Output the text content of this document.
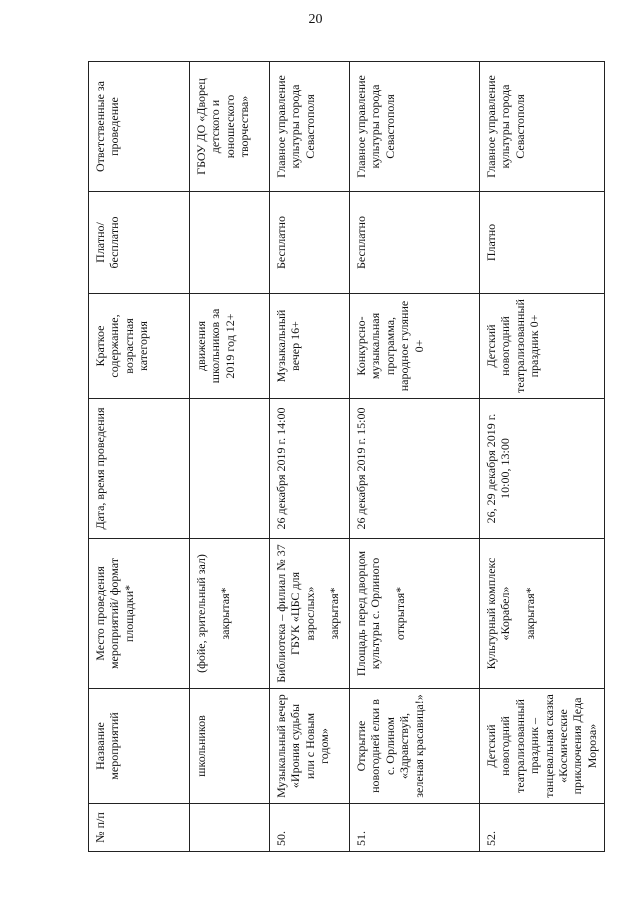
20
№ п/п	Название мероприятий	Место проведения мероприятий/ формат площадки*	Дата, время проведения	Краткое содержание, возрастная категория	Платно/ бесплатно	Ответственные за проведение
	школьников	(фойе, зрительный зал) закрытая*		движения школьников за 2019 год 12+		ГБОУ ДО «Дворец детского и юношеского творчества»
50.	Музыкальный вечер «Ирония судьбы или с Новым годом»	Библиотека – филиал № 37 ГБУК «ЦБС для взрослых» закрытая*	26 декабря 2019 г. 14:00	Музыкальный вечер 16+	Бесплатно	Главное управление культуры города Севастополя
51.	Открытие новогодней елки в с. Орлином «Здравствуй, зеленая красавица!»	Площадь перед дворцом культуры с. Орлиного открытая*	26 декабря 2019 г. 15:00	Конкурсно-музыкальная программа, народное гуляние 0+	Бесплатно	Главное управление культуры города Севастополя
52.	Детский новогодний театрализованный праздник – танцевальная сказка «Космические приключения Деда Мороза»	Культурный комплекс «Корабел» закрытая*	26, 29 декабря 2019 г. 10:00, 13:00	Детский новогодний театрализованный праздник 0+	Платно	Главное управление культуры города Севастополя
